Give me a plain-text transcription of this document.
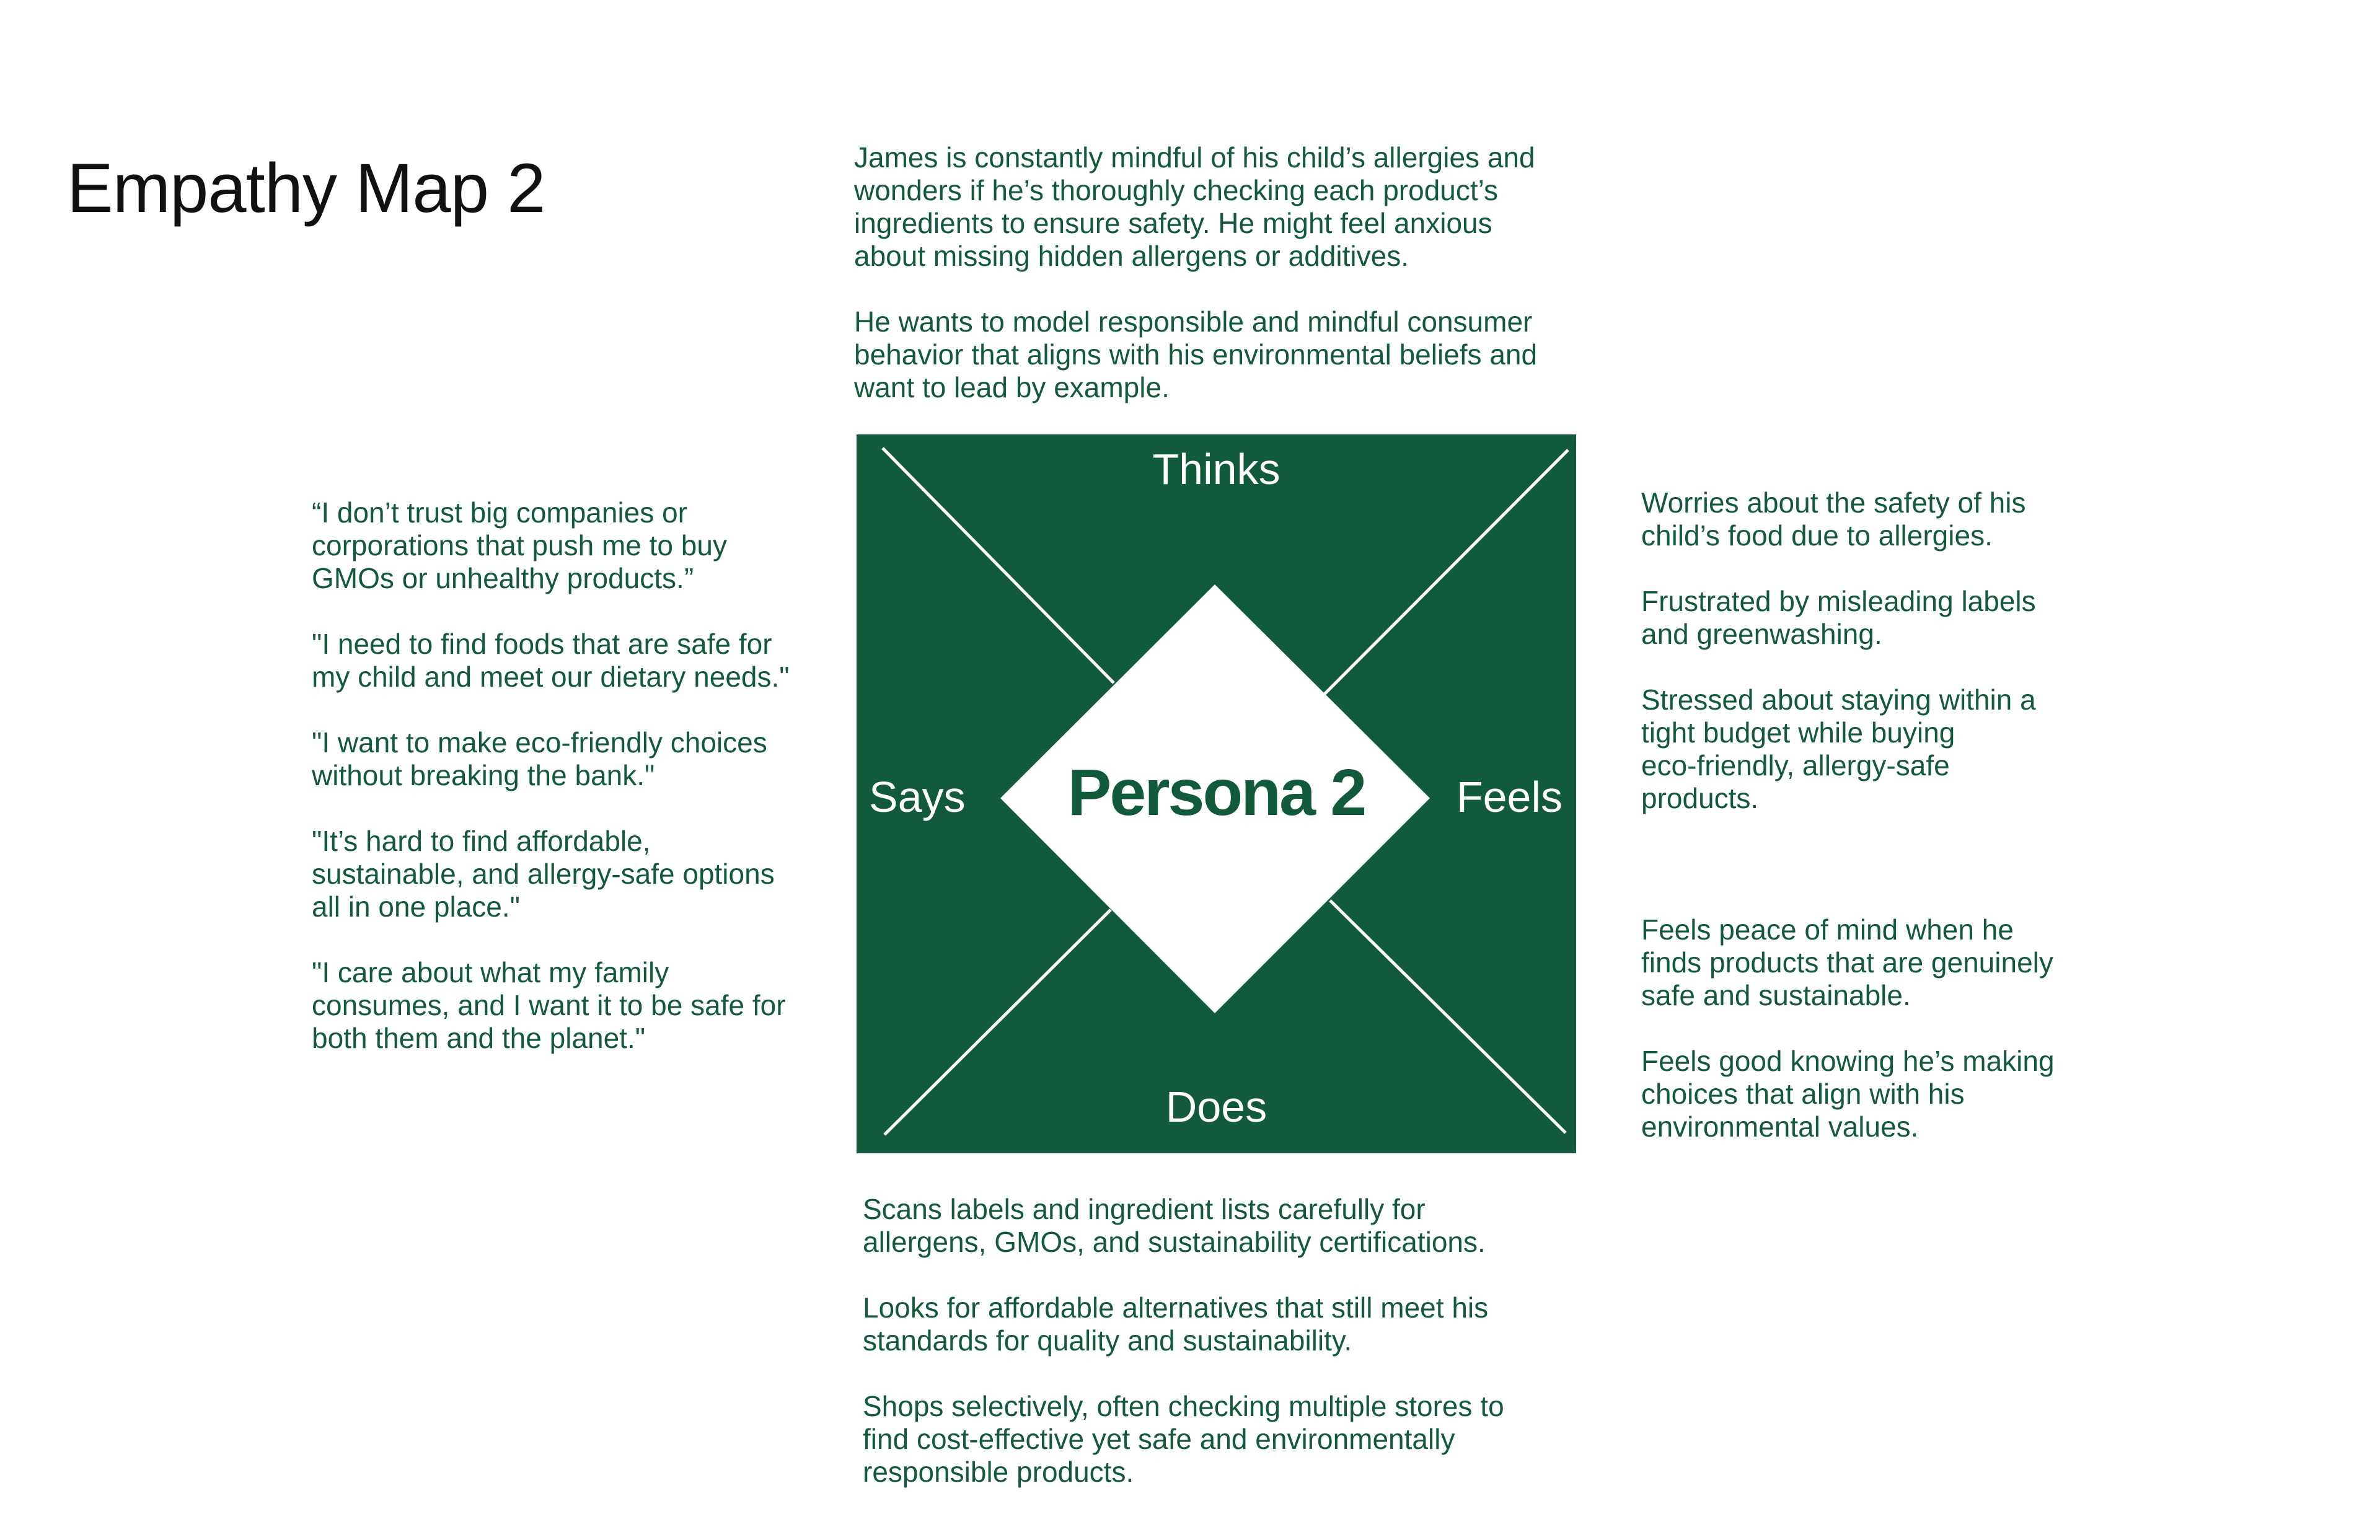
Empathy Map 2	James is constantly mindful of his child’s allergies and
wonders if he’s thoroughly checking each product’s
ingredients to ensure safety. He might feel anxious
about missing hidden allergens or additives.

He wants to model responsible and mindful consumer
behavior that aligns with his environmental beliefs and
want to lead by example.

“I don’t trust big companies or
corporations that push me to buy
GMOs or unhealthy products.”

"I need to find foods that are safe for
my child and meet our dietary needs."

"I want to make eco-friendly choices
without breaking the bank."

"It’s hard to find affordable,
sustainable, and allergy-safe options
all in one place."

"I care about what my family
consumes, and I want it to be safe for
both them and the planet."

Thinks
Says	Feels
Does
Persona 2

Worries about the safety of his
child’s food due to allergies.

Frustrated by misleading labels
and greenwashing.

Stressed about staying within a
tight budget while buying
eco-friendly, allergy-safe
products.

Feels peace of mind when he
finds products that are genuinely
safe and sustainable.

Feels good knowing he’s making
choices that align with his
environmental values.

Scans labels and ingredient lists carefully for
allergens, GMOs, and sustainability certifications.

Looks for affordable alternatives that still meet his
standards for quality and sustainability.

Shops selectively, often checking multiple stores to
find cost-effective yet safe and environmentally
responsible products.
